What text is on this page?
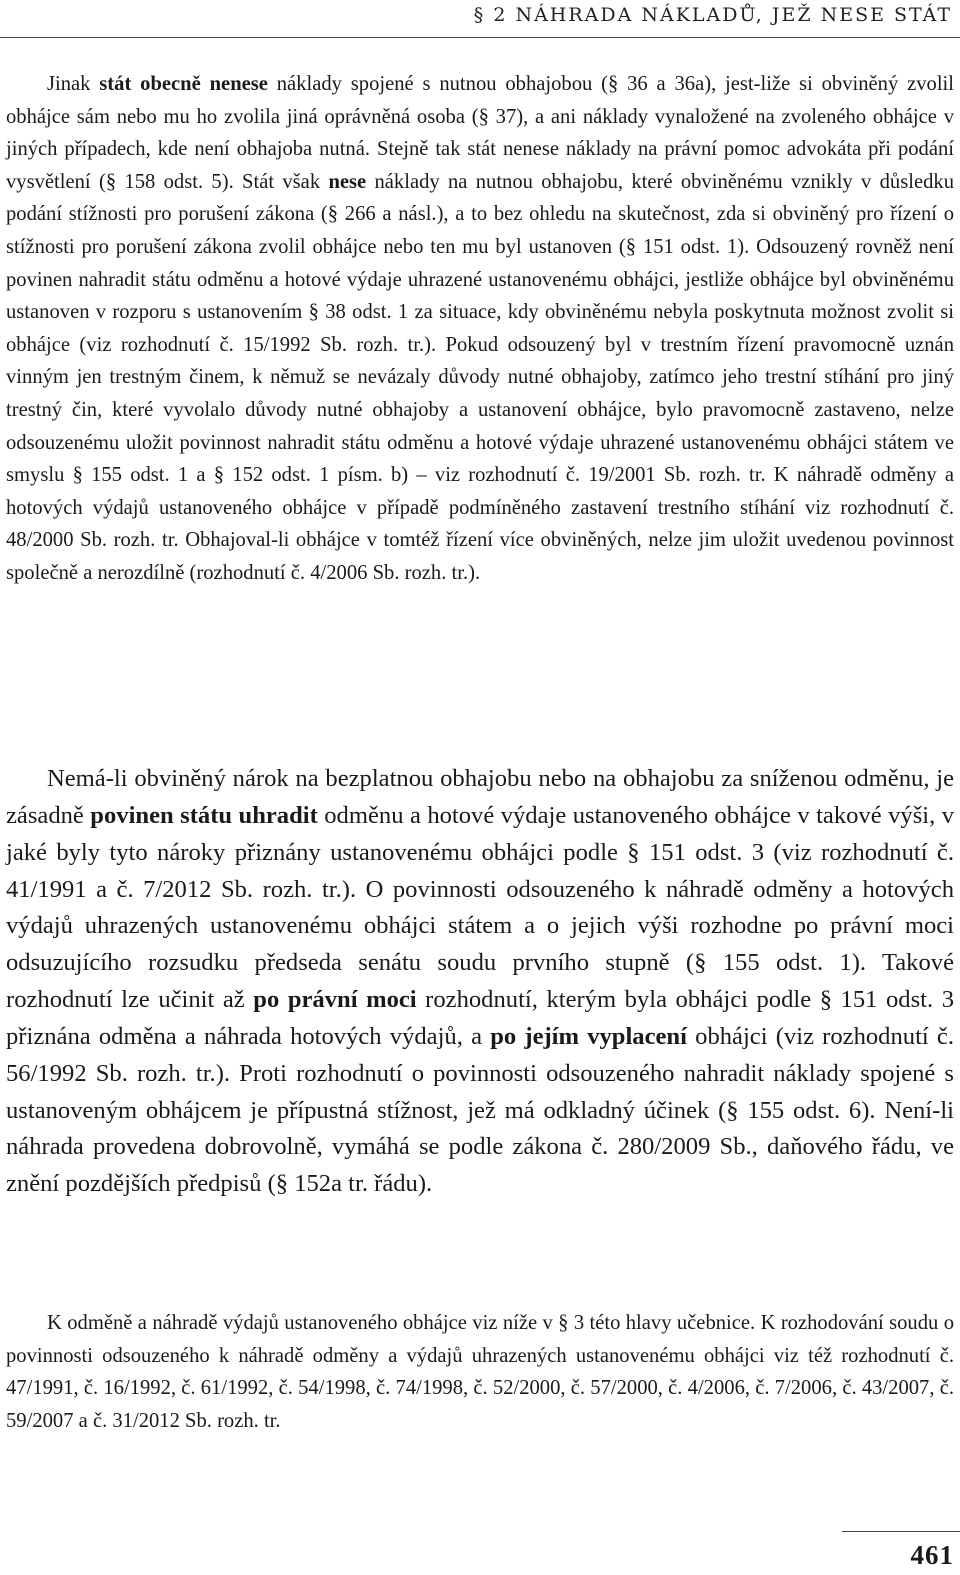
§ 2 NÁHRADA NÁKLADŮ, JEŽ NESE STÁT
Jinak stát obecně nenese náklady spojené s nutnou obhajobou (§ 36 a 36a), jest-liže si obviněný zvolil obhájce sám nebo mu ho zvolila jiná oprávněná osoba (§ 37), a ani náklady vynaložené na zvoleného obhájce v jiných případech, kde není obhajoba nutná. Stejně tak stát nenese náklady na právní pomoc advokáta při podání vysvětlení (§ 158 odst. 5). Stát však nese náklady na nutnou obhajobu, které obviněnému vznikly v důsledku podání stížnosti pro porušení zákona (§ 266 a násl.), a to bez ohledu na skutečnost, zda si obviněný pro řízení o stížnosti pro porušení zákona zvolil obhájce nebo ten mu byl ustanoven (§ 151 odst. 1). Odsouzený rovněž není povinen nahradit státu odměnu a hotové výdaje uhrazené ustanovenému obhájci, jestliže obhájce byl obviněnému ustanoven v rozporu s ustanovením § 38 odst. 1 za situace, kdy obviněnému nebyla poskytnuta možnost zvolit si obhájce (viz rozhodnutí č. 15/1992 Sb. rozh. tr.). Pokud odsouzený byl v trestním řízení pravomocně uznán vinným jen trestným činem, k němuž se nevázaly důvody nutné obhajoby, zatímco jeho trestní stíhání pro jiný trestný čin, které vyvolalo důvody nutné obhajoby a ustanovení obhájce, bylo pravomocně zastaveno, nelze odsouzenému uložit povinnost nahradit státu odměnu a hotové výdaje uhrazené ustanovenému obhájci státem ve smyslu § 155 odst. 1 a § 152 odst. 1 písm. b) – viz rozhodnutí č. 19/2001 Sb. rozh. tr. K náhradě odměny a hotových výdajů ustanoveného obhájce v případě podmíněného zastavení trestního stíhání viz rozhodnutí č. 48/2000 Sb. rozh. tr. Obhajoval-li obhájce v tomtéž řízení více obviněných, nelze jim uložit uvedenou povinnost společně a nerozdílně (rozhodnutí č. 4/2006 Sb. rozh. tr.).
Nemá-li obviněný nárok na bezplatnou obhajobu nebo na obhajobu za sníženou odměnu, je zásadně povinen státu uhradit odměnu a hotové výdaje ustanoveného obhájce v takové výši, v jaké byly tyto nároky přiznány ustanovenému obhájci podle § 151 odst. 3 (viz rozhodnutí č. 41/1991 a č. 7/2012 Sb. rozh. tr.). O povinnosti odsouzeného k náhradě odměny a hotových výdajů uhrazených ustanovenému obhájci státem a o jejich výši rozhodne po právní moci odsuzujícího rozsudku předseda senátu soudu prvního stupně (§ 155 odst. 1). Takové rozhodnutí lze učinit až po právní moci rozhodnutí, kterým byla obhájci podle § 151 odst. 3 přiznána odměna a náhrada hotových výdajů, a po jejím vyplacení obhájci (viz rozhodnutí č. 56/1992 Sb. rozh. tr.). Proti rozhodnutí o povinnosti odsouzeného nahradit náklady spojené s ustanoveným obhájcem je přípustná stížnost, jež má odkladný účinek (§ 155 odst. 6). Není-li náhrada provedena dobrovolně, vymáhá se podle zákona č. 280/2009 Sb., daňového řádu, ve znění pozdějších předpisů (§ 152a tr. řádu).
K odměně a náhradě výdajů ustanoveného obhájce viz níže v § 3 této hlavy učebnice. K rozhodování soudu o povinnosti odsouzeného k náhradě odměny a výdajů uhrazených ustanovenému obhájci viz též rozhodnutí č. 47/1991, č. 16/1992, č. 61/1992, č. 54/1998, č. 74/1998, č. 52/2000, č. 57/2000, č. 4/2006, č. 7/2006, č. 43/2007, č. 59/2007 a č. 31/2012 Sb. rozh. tr.
461
